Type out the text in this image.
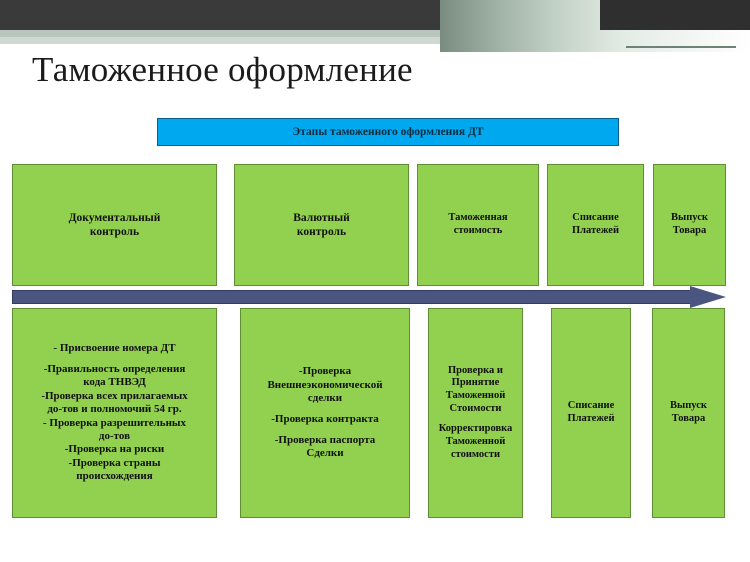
Таможенное оформление
Этапы таможенного оформления ДТ
Документальный
контроль
Валютный
контроль
Таможенная
стоимость
Списание
Платежей
Выпуск
Товара
- Присвоение номера ДТ

-Правильность определения
кода ТНВЭД
-Проверка всех прилагаемых
до-тов и полномочий 54 гр.
- Проверка разрешительных
до-тов
-Проверка на риски
-Проверка страны
происхождения
-Проверка
Внешнеэкономической
сделки

-Проверка контракта

-Проверка паспорта
Сделки
Проверка и
Принятие
Таможенной
Стоимости

Корректировка
Таможенной
стоимости
Списание
Платежей
Выпуск
Товара
